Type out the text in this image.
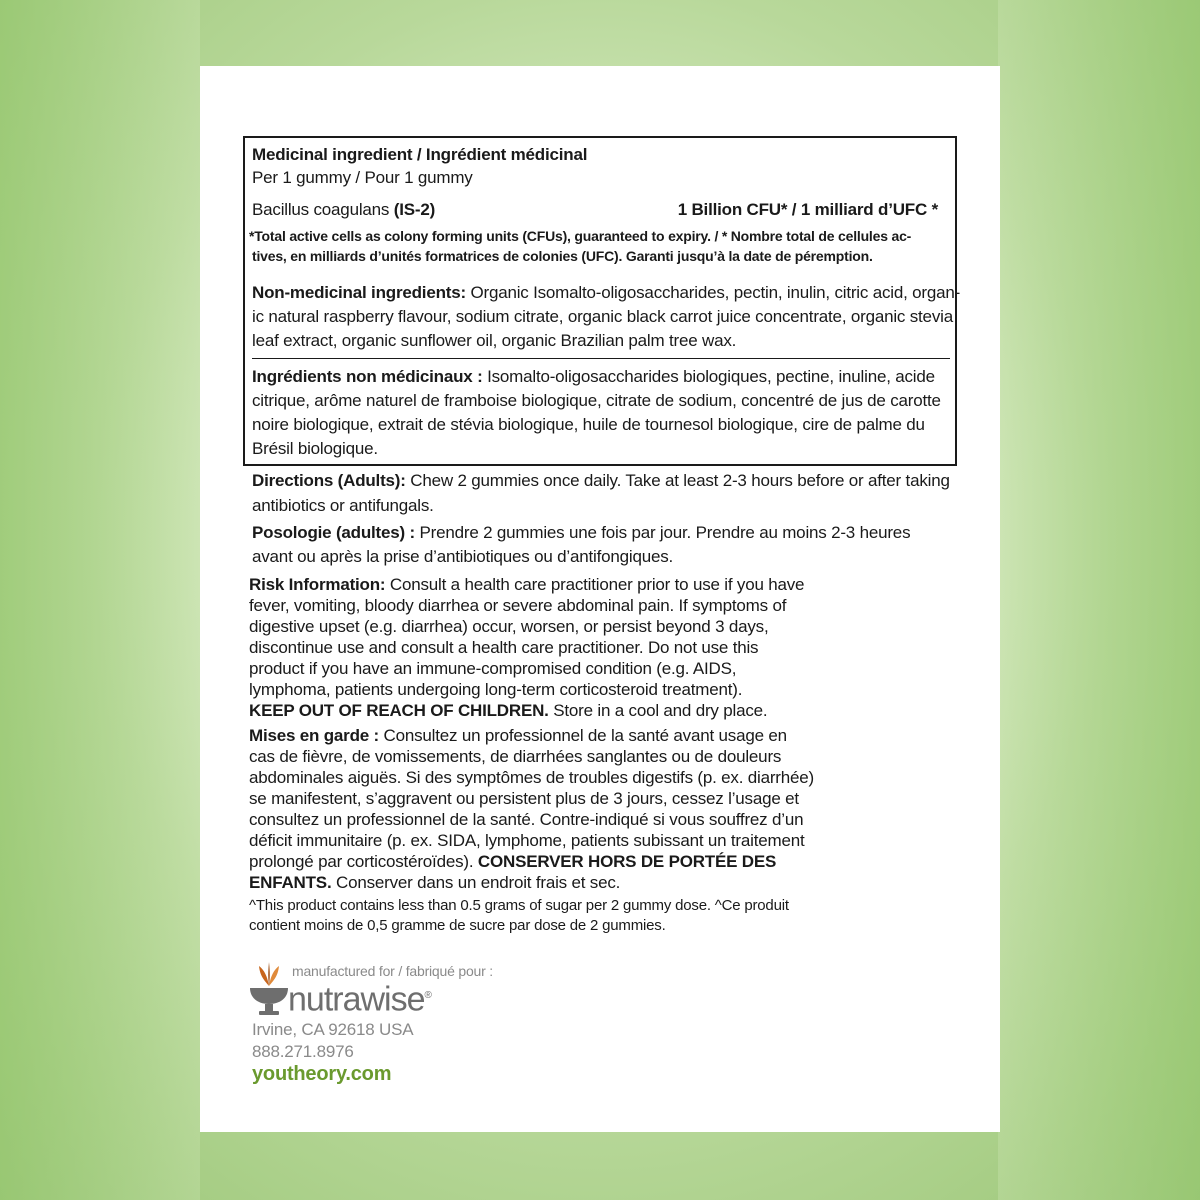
Medicinal ingredient / Ingrédient médicinal
Per 1 gummy / Pour 1 gummy
Bacillus coagulans (IS-2)	1 Billion CFU* / 1 milliard d’UFC *
*Total active cells as colony forming units (CFUs), guaranteed to expiry. / * Nombre total de cellules ac-
tives, en milliards d’unités formatrices de colonies (UFC). Garanti jusqu’à la date de péremption.
Non-medicinal ingredients: Organic Isomalto-oligosaccharides, pectin, inulin, citric acid, organ-
ic natural raspberry flavour, sodium citrate, organic black carrot juice concentrate, organic stevia
leaf extract, organic sunflower oil, organic Brazilian palm tree wax.
Ingrédients non médicinaux : Isomalto-oligosaccharides biologiques, pectine, inuline, acide
citrique, arôme naturel de framboise biologique, citrate de sodium, concentré de jus de carotte
noire biologique, extrait de stévia biologique, huile de tournesol biologique, cire de palme du
Brésil biologique.
Directions (Adults): Chew 2 gummies once daily. Take at least 2-3 hours before or after taking
antibiotics or antifungals.
Posologie (adultes) : Prendre 2 gummies une fois par jour. Prendre au moins 2-3 heures
avant ou après la prise d’antibiotiques ou d’antifongiques.
Risk Information: Consult a health care practitioner prior to use if you have
fever, vomiting, bloody diarrhea or severe abdominal pain. If symptoms of
digestive upset (e.g. diarrhea) occur, worsen, or persist beyond 3 days,
discontinue use and consult a health care practitioner. Do not use this
product if you have an immune-compromised condition (e.g. AIDS,
lymphoma, patients undergoing long-term corticosteroid treatment).
KEEP OUT OF REACH OF CHILDREN. Store in a cool and dry place.
Mises en garde : Consultez un professionnel de la santé avant usage en
cas de fièvre, de vomissements, de diarrhées sanglantes ou de douleurs
abdominales aiguës. Si des symptômes de troubles digestifs (p. ex. diarrhée)
se manifestent, s’aggravent ou persistent plus de 3 jours, cessez l’usage et
consultez un professionnel de la santé. Contre-indiqué si vous souffrez d’un
déficit immunitaire (p. ex. SIDA, lymphome, patients subissant un traitement
prolongé par corticostéroïdes). CONSERVER HORS DE PORTÉE DES
ENFANTS. Conserver dans un endroit frais et sec.
^This product contains less than 0.5 grams of sugar per 2 gummy dose. ^Ce produit
contient moins de 0,5 gramme de sucre par dose de 2 gummies.
manufactured for / fabriqué pour :
nutrawise®
Irvine, CA 92618 USA
888.271.8976
youtheory.com
